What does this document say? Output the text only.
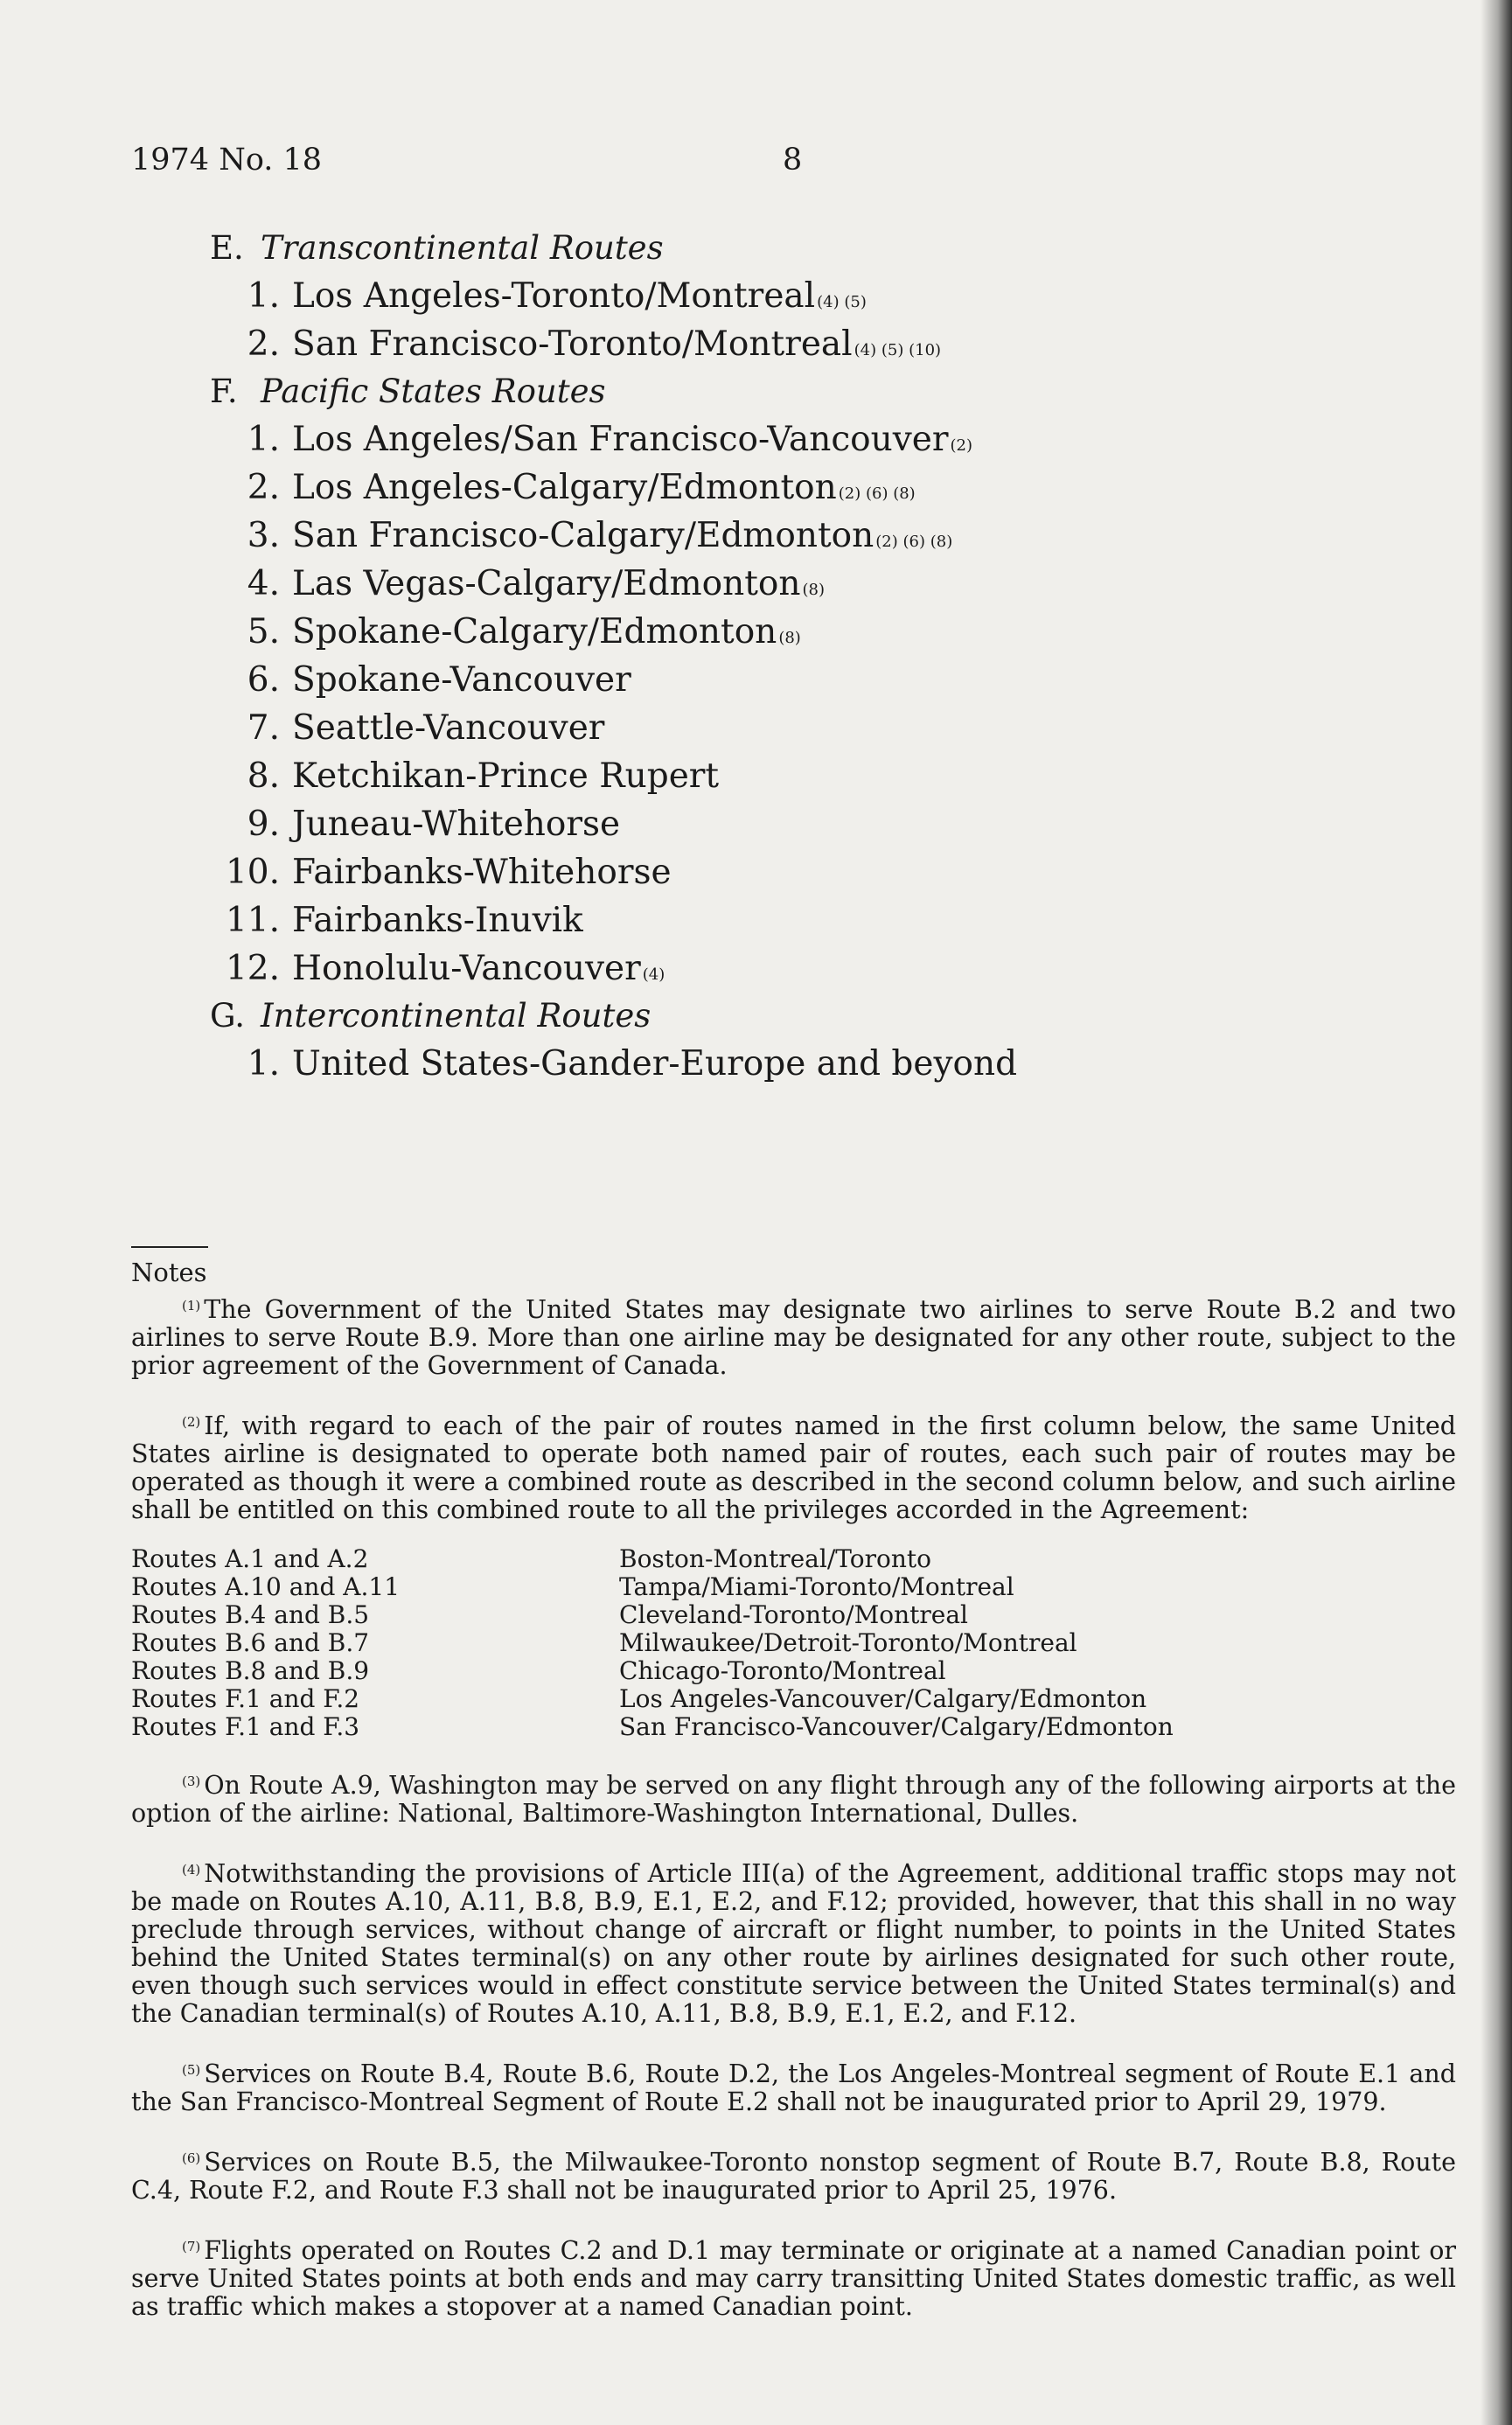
1974 No. 18	8
E. Transcontinental Routes
1. Los Angeles-Toronto/Montreal (4) (5)
2. San Francisco-Toronto/Montreal (4) (5) (10)
F. Pacific States Routes
1. Los Angeles/San Francisco-Vancouver (2)
2. Los Angeles-Calgary/Edmonton (2) (6) (8)
3. San Francisco-Calgary/Edmonton (2) (6) (8)
4. Las Vegas-Calgary/Edmonton (8)
5. Spokane-Calgary/Edmonton (8)
6. Spokane-Vancouver
7. Seattle-Vancouver
8. Ketchikan-Prince Rupert
9. Juneau-Whitehorse
10. Fairbanks-Whitehorse
11. Fairbanks-Inuvik
12. Honolulu-Vancouver (4)
G. Intercontinental Routes
1. United States-Gander-Europe and beyond
Notes

$^{(1)}$ The Government of the United States may designate two airlines to serve Route B.2 and two airlines to serve Route B.9. More than one airline may be designated for any other route, subject to the prior agreement of the Government of Canada.

$^{(2)}$ If, with regard to each of the pair of routes named in the first column below, the same United States airline is designated to operate both named pair of routes, each such pair of routes may be operated as though it were a combined route as described in the second column below, and such airline shall be entitled on this combined route to all the privileges accorded in the Agreement:

Routes A.1 and A.2	Boston-Montreal/Toronto
Routes A.10 and A.11	Tampa/Miami-Toronto/Montreal
Routes B.4 and B.5	Cleveland-Toronto/Montreal
Routes B.6 and B.7	Milwaukee/Detroit-Toronto/Montreal
Routes B.8 and B.9	Chicago-Toronto/Montreal
Routes F.1 and F.2	Los Angeles-Vancouver/Calgary/Edmonton
Routes F.1 and F.3	San Francisco-Vancouver/Calgary/Edmonton

$^{(3)}$ On Route A.9, Washington may be served on any flight through any of the following airports at the option of the airline: National, Baltimore-Washington International, Dulles.

$^{(4)}$ Notwithstanding the provisions of Article III(a) of the Agreement, additional traffic stops may not be made on Routes A.10, A.11, B.8, B.9, E.1, E.2, and F.12; provided, however, that this shall in no way preclude through services, without change of aircraft or flight number, to points in the United States behind the United States terminal(s) on any other route by airlines designated for such other route, even though such services would in effect constitute service between the United States terminal(s) and the Canadian terminal(s) of Routes A.10, A.11, B.8, B.9, E.1, E.2, and F.12.

$^{(5)}$ Services on Route B.4, Route B.6, Route D.2, the Los Angeles-Montreal segment of Route E.1 and the San Francisco-Montreal Segment of Route E.2 shall not be inaugurated prior to April 29, 1979.

$^{(6)}$ Services on Route B.5, the Milwaukee-Toronto nonstop segment of Route B.7, Route B.8, Route C.4, Route F.2, and Route F.3 shall not be inaugurated prior to April 25, 1976.

$^{(7)}$ Flights operated on Routes C.2 and D.1 may terminate or originate at a named Canadian point or serve United States points at both ends and may carry transitting United States domestic traffic, as well as traffic which makes a stopover at a named Canadian point.
